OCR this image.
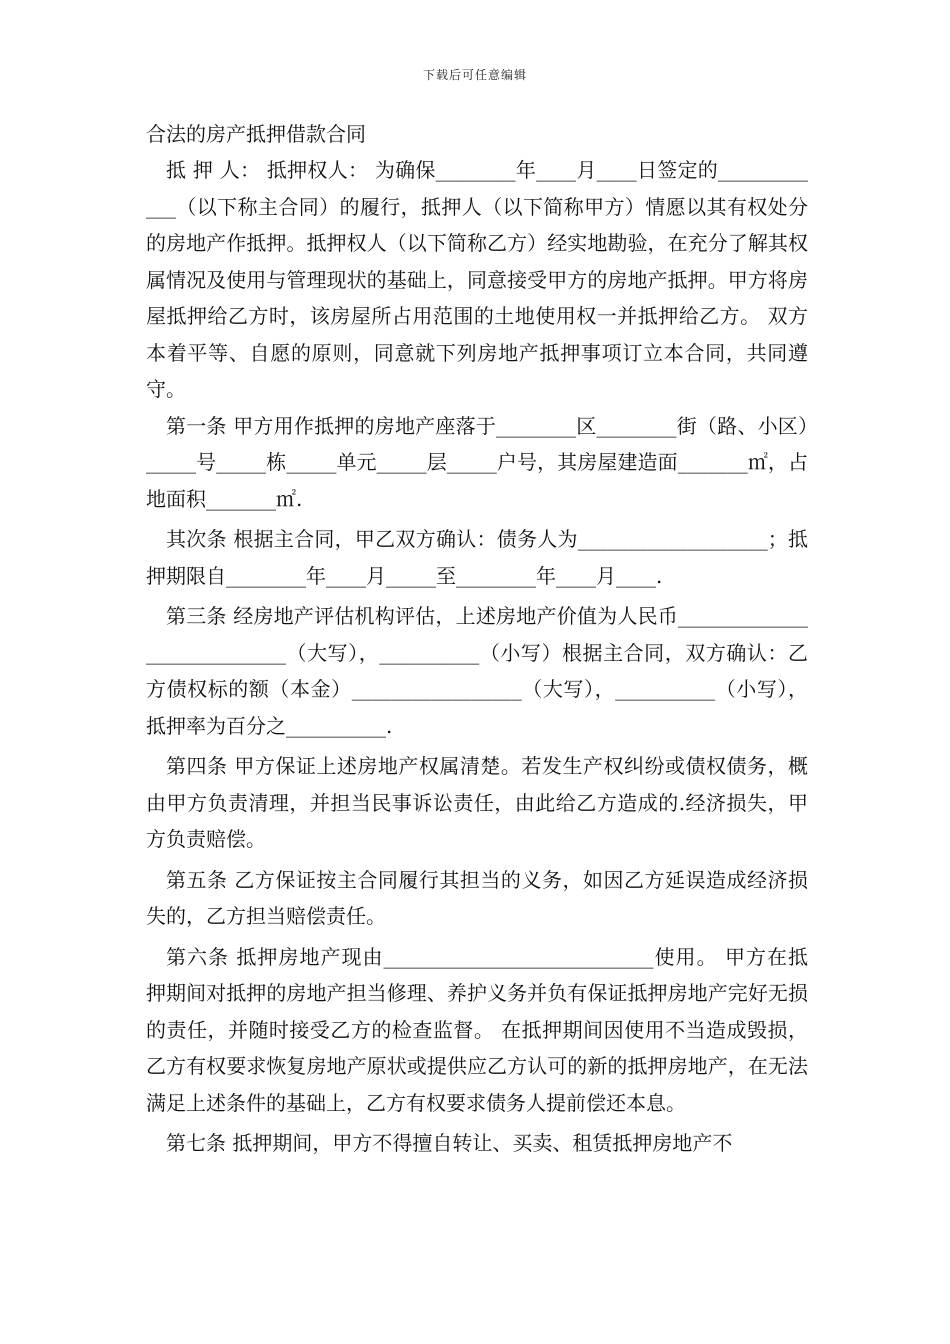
下载后可任意编辑

合法的房产抵押借款合同

抵 押 人： 抵押权人： 为确保________年____月____日签定的____________（以下称主合同）的履行，抵押人（以下简称甲方）情愿以其有权处分的房地产作抵押。抵押权人（以下简称乙方）经实地勘验，在充分了解其权属情况及使用与管理现状的基础上，同意接受甲方的房地产抵押。甲方将房屋抵押给乙方时，该房屋所占用范围的土地使用权一并抵押给乙方。 双方本着平等、自愿的原则，同意就下列房地产抵押事项订立本合同，共同遵守。

第一条 甲方用作抵押的房地产座落于________区________街（路、小区）_____号_____栋_____单元_____层_____户号，其房屋建造面_______㎡，占地面积_______㎡.

其次条 根据主合同，甲乙双方确认：债务人为___________________；抵押期限自________年____月_____至________年____月____.

第三条 经房地产评估机构评估，上述房地产价值为人民币___________________________（大写），__________（小写）根据主合同，双方确认：乙方债权标的额（本金）_________________（大写），__________（小写），抵押率为百分之__________.

第四条 甲方保证上述房地产权属清楚。若发生产权纠纷或债权债务，概由甲方负责清理，并担当民事诉讼责任，由此给乙方造成的.经济损失，甲方负责赔偿。

第五条 乙方保证按主合同履行其担当的义务，如因乙方延误造成经济损失的，乙方担当赔偿责任。

第六条 抵押房地产现由___________________________使用。 甲方在抵押期间对抵押的房地产担当修理、养护义务并负有保证抵押房地产完好无损的责任，并随时接受乙方的检查监督。 在抵押期间因使用不当造成毁损，乙方有权要求恢复房地产原状或提供应乙方认可的新的抵押房地产，在无法满足上述条件的基础上，乙方有权要求债务人提前偿还本息。

第七条 抵押期间，甲方不得擅自转让、买卖、租赁抵押房地产不
